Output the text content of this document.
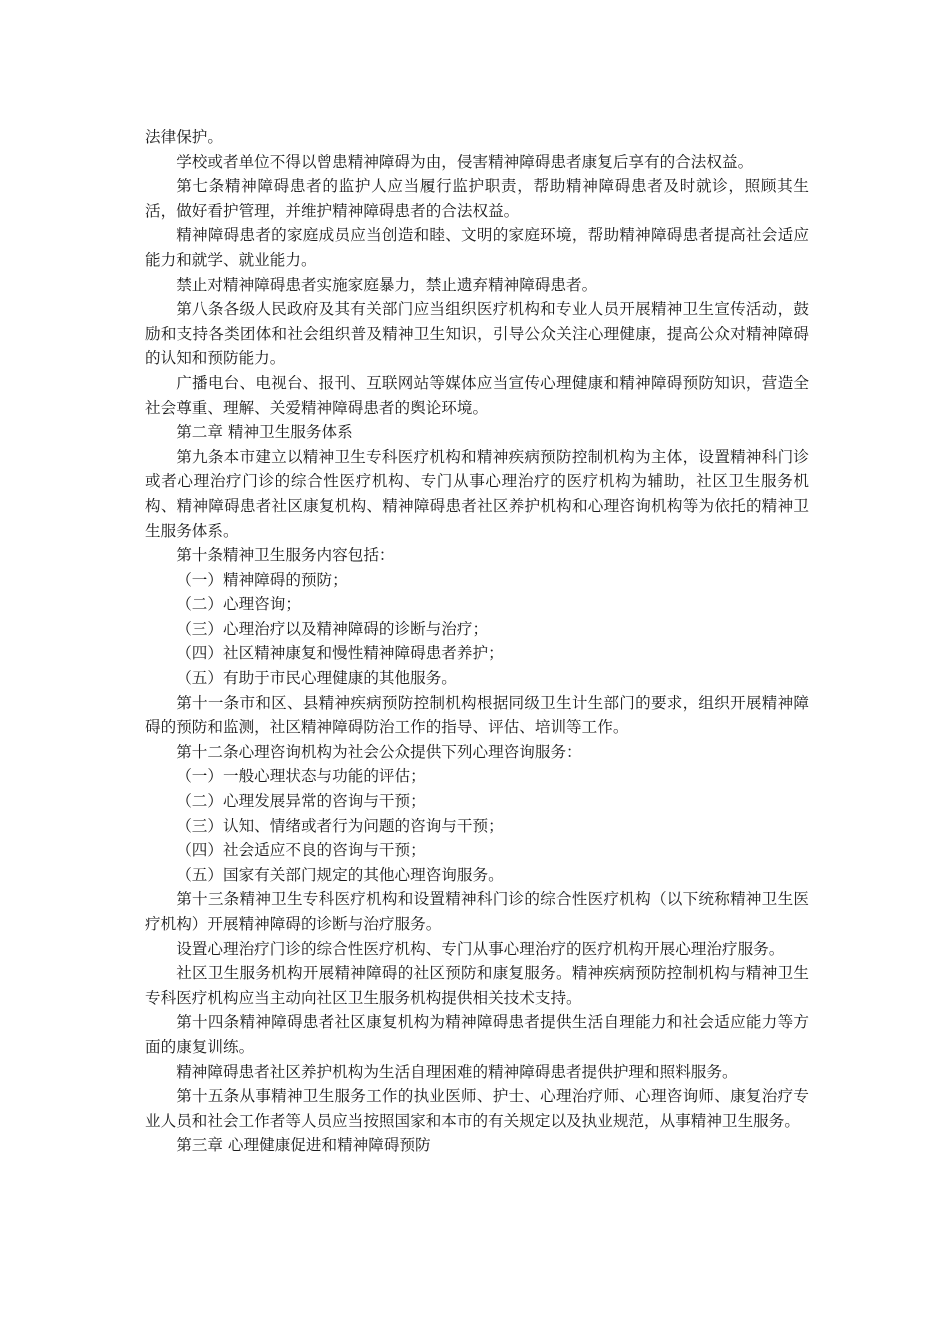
法律保护。

学校或者单位不得以曾患精神障碍为由，侵害精神障碍患者康复后享有的合法权益。

第七条精神障碍患者的监护人应当履行监护职责，帮助精神障碍患者及时就诊，照顾其生活，做好看护管理，并维护精神障碍患者的合法权益。

精神障碍患者的家庭成员应当创造和睦、文明的家庭环境，帮助精神障碍患者提高社会适应能力和就学、就业能力。

禁止对精神障碍患者实施家庭暴力，禁止遗弃精神障碍患者。

第八条各级人民政府及其有关部门应当组织医疗机构和专业人员开展精神卫生宣传活动，鼓励和支持各类团体和社会组织普及精神卫生知识，引导公众关注心理健康，提高公众对精神障碍的认知和预防能力。

广播电台、电视台、报刊、互联网站等媒体应当宣传心理健康和精神障碍预防知识，营造全社会尊重、理解、关爱精神障碍患者的舆论环境。

第二章 精神卫生服务体系

第九条本市建立以精神卫生专科医疗机构和精神疾病预防控制机构为主体，设置精神科门诊或者心理治疗门诊的综合性医疗机构、专门从事心理治疗的医疗机构为辅助，社区卫生服务机构、精神障碍患者社区康复机构、精神障碍患者社区养护机构和心理咨询机构等为依托的精神卫生服务体系。

第十条精神卫生服务内容包括：

（一）精神障碍的预防；

（二）心理咨询；

（三）心理治疗以及精神障碍的诊断与治疗；

（四）社区精神康复和慢性精神障碍患者养护；

（五）有助于市民心理健康的其他服务。

第十一条市和区、县精神疾病预防控制机构根据同级卫生计生部门的要求，组织开展精神障碍的预防和监测，社区精神障碍防治工作的指导、评估、培训等工作。

第十二条心理咨询机构为社会公众提供下列心理咨询服务：

（一）一般心理状态与功能的评估；

（二）心理发展异常的咨询与干预；

（三）认知、情绪或者行为问题的咨询与干预；

（四）社会适应不良的咨询与干预；

（五）国家有关部门规定的其他心理咨询服务。

第十三条精神卫生专科医疗机构和设置精神科门诊的综合性医疗机构（以下统称精神卫生医疗机构）开展精神障碍的诊断与治疗服务。

设置心理治疗门诊的综合性医疗机构、专门从事心理治疗的医疗机构开展心理治疗服务。

社区卫生服务机构开展精神障碍的社区预防和康复服务。精神疾病预防控制机构与精神卫生专科医疗机构应当主动向社区卫生服务机构提供相关技术支持。

第十四条精神障碍患者社区康复机构为精神障碍患者提供生活自理能力和社会适应能力等方面的康复训练。

精神障碍患者社区养护机构为生活自理困难的精神障碍患者提供护理和照料服务。

第十五条从事精神卫生服务工作的执业医师、护士、心理治疗师、心理咨询师、康复治疗专业人员和社会工作者等人员应当按照国家和本市的有关规定以及执业规范，从事精神卫生服务。

第三章 心理健康促进和精神障碍预防
